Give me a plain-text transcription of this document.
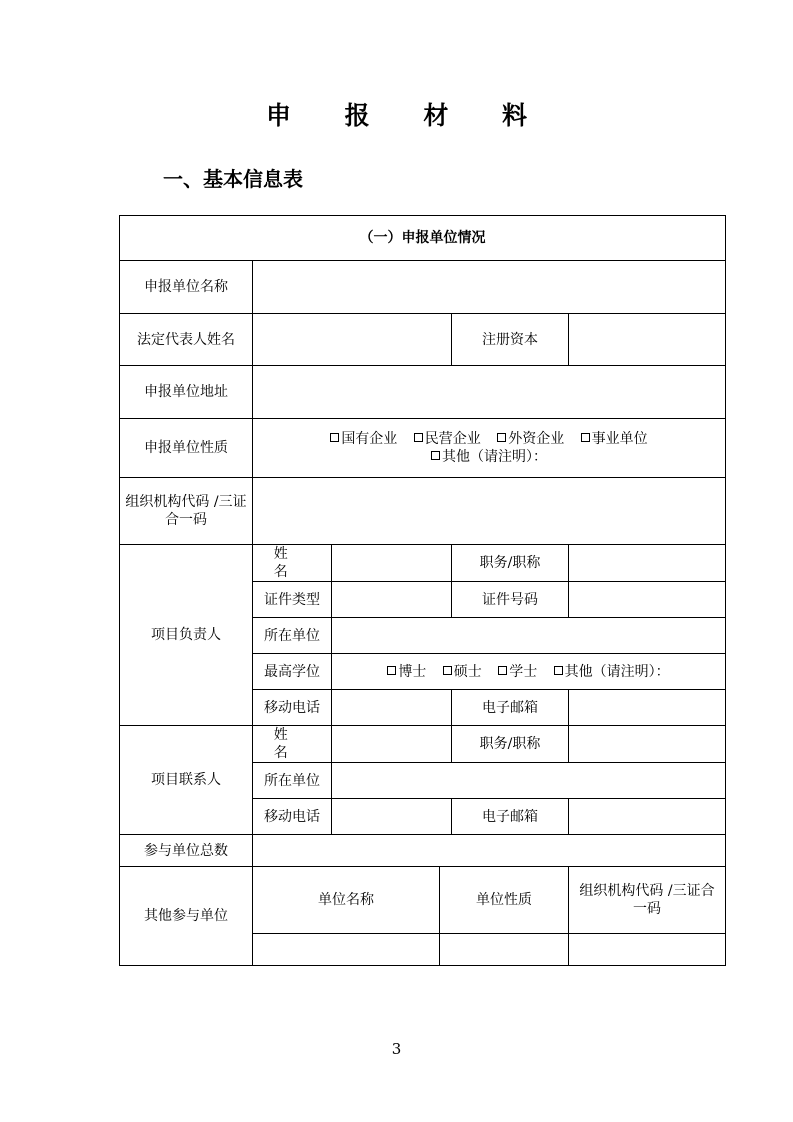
申 报 材 料
一、基本信息表
（一）申报单位情况					
申报单位名称					
法定代表人姓名				注册资本	
申报单位地址					
申报单位性质	国有企业 民营企业 外资企业 事业单位
其他（请注明）：				

组织机构代码 /三证合一码					
项目负责人	姓 名			职务/职称	
	证件类型			证件号码	
	所在单位				
	最高学位	博士 硕士 学士 其他（请注明）：			
	移动电话			电子邮箱	
项目联系人	姓 名			职务/职称	
	所在单位				
	移动电话			电子邮箱	
参与单位总数					
其他参与单位	单位名称		单位性质		组织机构代码 /三证合一码

3
